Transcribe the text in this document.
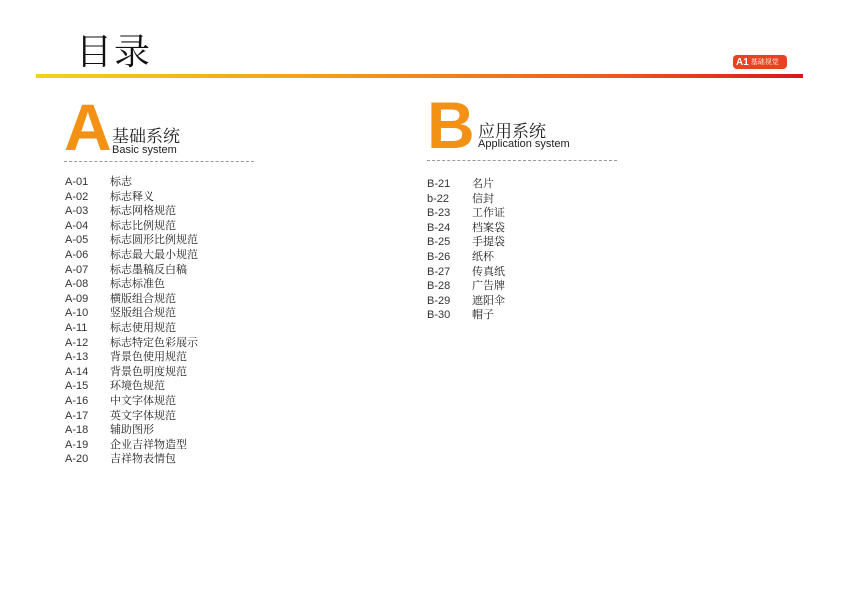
目录	A1 基础视觉
A 基础系统
Basic system	B 应用系统
Application system
A-01	标志
A-02	标志释义
A-03	标志网格规范
A-04	标志比例规范
A-05	标志圆形比例规范
A-06	标志最大最小规范
A-07	标志墨稿反白稿
A-08	标志标准色
A-09	横版组合规范
A-10	竖版组合规范
A-11	标志使用规范
A-12	标志特定色彩展示
A-13	背景色使用规范
A-14	背景色明度规范
A-15	环境色规范
A-16	中文字体规范
A-17	英文字体规范
A-18	辅助图形
A-19	企业吉祥物造型
A-20	吉祥物表情包
B-21	名片
b-22	信封
B-23	工作证
B-24	档案袋
B-25	手提袋
B-26	纸杯
B-27	传真纸
B-28	广告牌
B-29	遮阳伞
B-30	帽子
